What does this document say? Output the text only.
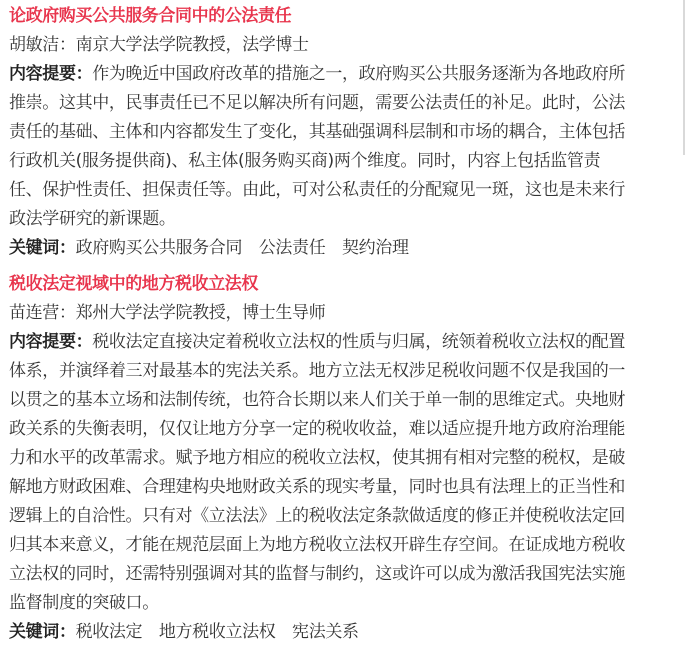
论政府购买公共服务合同中的公法责任
胡敏洁：南京大学法学院教授，法学博士
内容提要：作为晚近中国政府改革的措施之一，政府购买公共服务逐渐为各地政府所
推崇。这其中，民事责任已不足以解决所有问题，需要公法责任的补足。此时，公法
责任的基础、主体和内容都发生了变化，其基础强调科层制和市场的耦合，主体包括
行政机关(服务提供商)、私主体(服务购买商)两个维度。同时，内容上包括监管责
任、保护性责任、担保责任等。由此，可对公私责任的分配窥见一斑，这也是未来行
政法学研究的新课题。
关键词：政府购买公共服务合同　公法责任　契约治理
税收法定视域中的地方税收立法权
苗连营：郑州大学法学院教授，博士生导师
内容提要：税收法定直接决定着税收立法权的性质与归属，统领着税收立法权的配置
体系，并演绎着三对最基本的宪法关系。地方立法无权涉足税收问题不仅是我国的一
以贯之的基本立场和法制传统，也符合长期以来人们关于单一制的思维定式。央地财
政关系的失衡表明，仅仅让地方分享一定的税收收益，难以适应提升地方政府治理能
力和水平的改革需求。赋予地方相应的税收立法权，使其拥有相对完整的税权，是破
解地方财政困难、合理建构央地财政关系的现实考量，同时也具有法理上的正当性和
逻辑上的自洽性。只有对《立法法》上的税收法定条款做适度的修正并使税收法定回
归其本来意义，才能在规范层面上为地方税收立法权开辟生存空间。在证成地方税收
立法权的同时，还需特别强调对其的监督与制约，这或许可以成为激活我国宪法实施
监督制度的突破口。
关键词：税收法定　地方税收立法权　宪法关系
